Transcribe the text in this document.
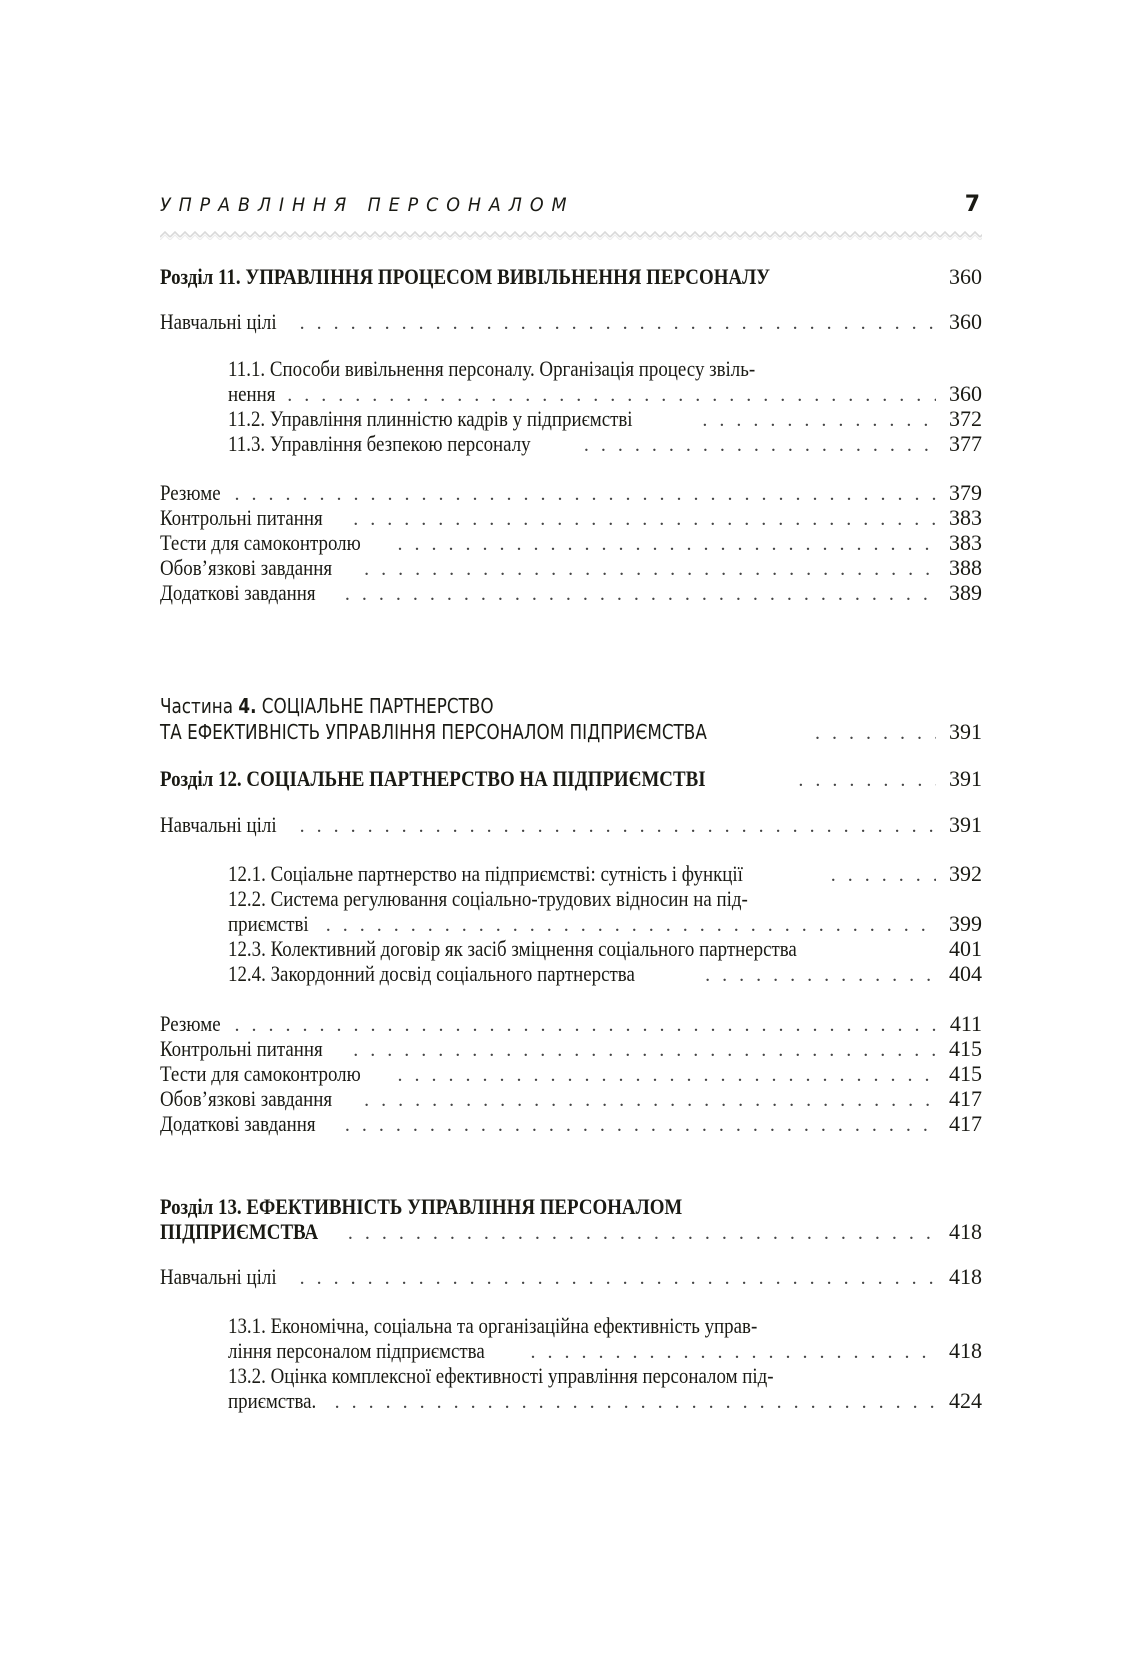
УПРАВЛІННЯ ПЕРСОНАЛОМ	7
Розділ 11. УПРАВЛІННЯ ПРОЦЕСОМ ВИВІЛЬНЕННЯ ПЕРСОНАЛУ	360
Навчальні цілі . . .	360
11.1. Способи вивільнення персоналу. Організація процесу звіль-
нення . . .	360
11.2. Управління плинністю кадрів у підприємстві . . .	372
11.3. Управління безпекою персоналу . . .	377
Резюме . . .	379
Контрольні питання . . .	383
Тести для самоконтролю . . .	383
Обов’язкові завдання . . .	388
Додаткові завдання . . .	389
Частина 4. СОЦІАЛЬНЕ ПАРТНЕРСТВО
ТА ЕФЕКТИВНІСТЬ УПРАВЛІННЯ ПЕРСОНАЛОМ ПІДПРИЄМСТВА . . .	391
Розділ 12. СОЦІАЛЬНЕ ПАРТНЕРСТВО НА ПІДПРИЄМСТВІ . . .	391
Навчальні цілі . . .	391
12.1. Соціальне партнерство на підприємстві: сутність і функції . . .	392
12.2. Система регулювання соціально-трудових відносин на під-
приємстві . . .	399
12.3. Колективний договір як засіб зміцнення соціального партнерства	401
12.4. Закордонний досвід соціального партнерства . . .	404
Резюме . . .	411
Контрольні питання . . .	415
Тести для самоконтролю . . .	415
Обов’язкові завдання . . .	417
Додаткові завдання . . .	417
Розділ 13. ЕФЕКТИВНІСТЬ УПРАВЛІННЯ ПЕРСОНАЛОМ
ПІДПРИЄМСТВА . . .	418
Навчальні цілі . . .	418
13.1. Економічна, соціальна та організаційна ефективність управ-
ління персоналом підприємства . . .	418
13.2. Оцінка комплексної ефективності управління персоналом під-
приємства. . . .	424
